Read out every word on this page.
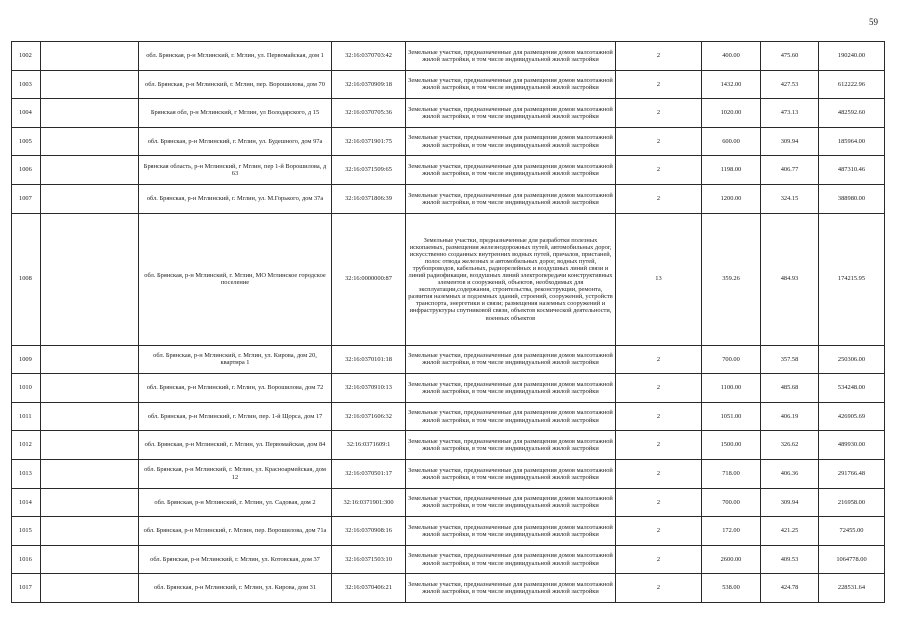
59
1002		обл. Брянская, р-н Мглинский, г. Мглин, ул. Первомайская, дом 1	32:16:0370703:42	Земельные участки, предназначенные для размещения домов малоэтажной жилой застройки, в том числе индивидуальной жилой застройки	2	400.00	475.60	190240.00
1003		обл. Брянская, р-н Мглинский, г. Мглин, пер. Ворошилова, дом 70	32:16:0370909:18	Земельные участки, предназначенные для размещения домов малоэтажной жилой застройки, в том числе индивидуальной жилой застройки	2	1432.00	427.53	612222.96
1004		Брянская обл, р-н Мглинский, г Мглин, ул Володарского, д 15	32:16:0370705:36	Земельные участки, предназначенные для размещения домов малоэтажной жилой застройки, в том числе индивидуальной жилой застройки	2	1020.00	473.13	482592.60
1005		обл. Брянская, р-н Мглинский, г. Мглин, ул. Будешного, дом 97а	32:16:0371901:75	Земельные участки, предназначенные для размещения домов малоэтажной жилой застройки, в том числе индивидуальной жилой застройки	2	600.00	309.94	185964.00
1006		Брянская область, р-н Мглинский, г Мглин, пер 1-й Ворошилова, д 63	32:16:0371509:65	Земельные участки, предназначенные для размещения домов малоэтажной жилой застройки, в том числе индивидуальной жилой застройки	2	1198.00	406.77	487310.46
1007		обл. Брянская, р-н Мглинский, г. Мглин, ул. М.Горького, дом 37а	32:16:0371806:39	Земельные участки, предназначенные для размещения домов малоэтажной жилой застройки, в том числе индивидуальной жилой застройки	2	1200.00	324.15	388980.00
1008		обл. Брянская, р-н Мглинский, г. Мглин, МО Мглинское городское поселение	32:16:0000000:87	Земельные участки, предназначенные для разработки полезных ископаемых, размещения железнодорожных путей, автомобильных дорог, искусственно созданных внутренних водных путей, причалов, пристаней, полос отвода железных и автомобильных дорог, водных путей, трубопроводов, кабельных, радиорелейных и воздушных линий связи и линий радиофикации, воздушных линий электропередачи конструктивных элементов и сооружений, объектов, необходимых для эксплуатации,содержания, строительства, реконструкции, ремонта, развития наземных и подземных зданий, строений, сооружений, устройств транспорта, энергетики и связи; размещения наземных сооружений и инфраструктуры спутниковой связи, объектов космической деятельности, военных объектов	13	359.26	484.93	174215.95
1009		обл. Брянская, р-н Мглинский, г. Мглин, ул. Кирова, дом 20, квартира 1	32:16:0370101:18	Земельные участки, предназначенные для размещения домов малоэтажной жилой застройки, в том числе индивидуальной жилой застройки	2	700.00	357.58	250306.00
1010		обл. Брянская, р-н Мглинский, г. Мглин, ул. Ворошилова, дом 72	32:16:0370910:13	Земельные участки, предназначенные для размещения домов малоэтажной жилой застройки, в том числе индивидуальной жилой застройки	2	1100.00	485.68	534248.00
1011		обл. Брянская, р-н Мглинский, г. Мглин, пер. 1-й Щорса, дом 17	32:16:0371606:32	Земельные участки, предназначенные для размещения домов малоэтажной жилой застройки, в том числе индивидуальной жилой застройки	2	1051.00	406.19	426905.69
1012		обл. Брянская, р-н Мглинский, г. Мглин, ул. Первомайская, дом 84	32:16:0371609:1	Земельные участки, предназначенные для размещения домов малоэтажной жилой застройки, в том числе индивидуальной жилой застройки	2	1500.00	326.62	489930.00
1013		обл. Брянская, р-н Мглинский, г. Мглин, ул. Красноармейская, дом 12	32:16:0370501:17	Земельные участки, предназначенные для размещения домов малоэтажной жилой застройки, в том числе индивидуальной жилой застройки	2	718.00	406.36	291766.48
1014		обл. Брянская, р-н Мглинский, г. Мглин, ул. Садовая, дом 2	32:16:0371901:300	Земельные участки, предназначенные для размещения домов малоэтажной жилой застройки, в том числе индивидуальной жилой застройки	2	700.00	309.94	216958.00
1015		обл. Брянская, р-н Мглинский, г. Мглин, пер. Ворошилова, дом 71а	32:16:0370908:16	Земельные участки, предназначенные для размещения домов малоэтажной жилой застройки, в том числе индивидуальной жилой застройки	2	172.00	421.25	72455.00
1016		обл. Брянская, р-н Мглинский, г. Мглин, ул. Котовская, дом 37	32:16:0371503:10	Земельные участки, предназначенные для размещения домов малоэтажной жилой застройки, в том числе индивидуальной жилой застройки	2	2600.00	409.53	1064778.00
1017		обл. Брянская, р-н Мглинский, г. Мглин, ул. Кирова, дом 31	32:16:0370406:21	Земельные участки, предназначенные для размещения домов малоэтажной жилой застройки, в том числе индивидуальной жилой застройки	2	538.00	424.78	228531.64
